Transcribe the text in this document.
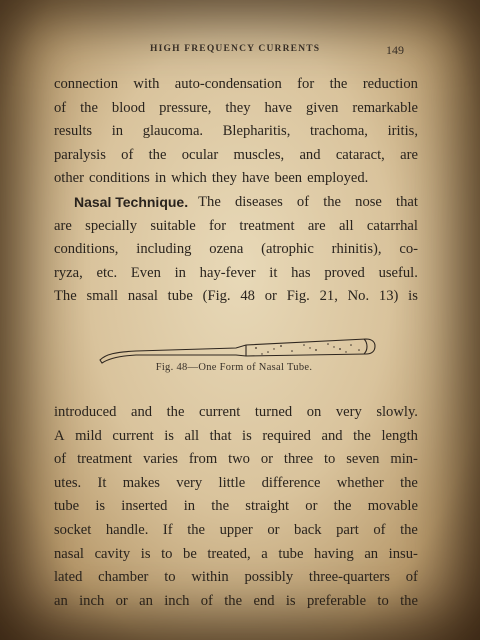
HIGH FREQUENCY CURRENTS	149
connection with auto-condensation for the reduction
of the blood pressure, they have given remarkable
results in glaucoma. Blepharitis, trachoma, iritis,
paralysis of the ocular muscles, and cataract, are
other conditions in which they have been employed.
Nasal Technique. The diseases of the nose that
are specially suitable for treatment are all catarrhal
conditions, including ozena (atrophic rhinitis), co-
ryza, etc. Even in hay-fever it has proved useful.
The small nasal tube (Fig. 48 or Fig. 21, No. 13) is
Fig. 48—One Form of Nasal Tube.
introduced and the current turned on very slowly.
A mild current is all that is required and the length
of treatment varies from two or three to seven min-
utes. It makes very little difference whether the
tube is inserted in the straight or the movable
socket handle. If the upper or back part of the
nasal cavity is to be treated, a tube having an insu-
lated chamber to within possibly three-quarters of
an inch or an inch of the end is preferable to the
